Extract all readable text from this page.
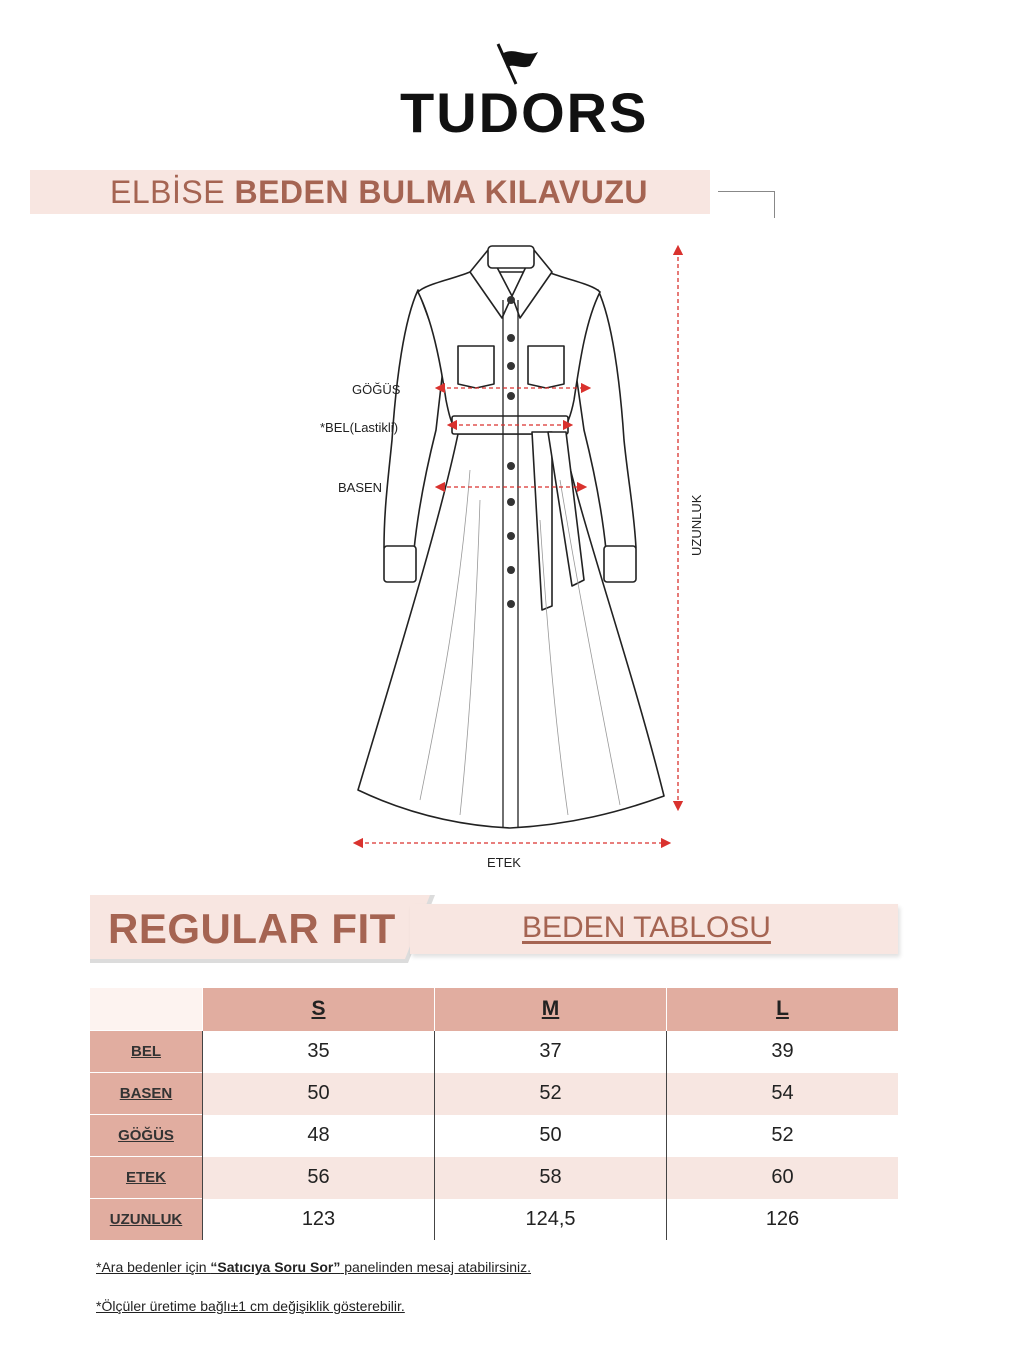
TUDORS
ELBİSE BEDEN BULMA KILAVUZU
GÖĞÜS
*BEL(Lastikli)
BASEN
ETEK
UZUNLUK
REGULAR FIT	BEDEN TABLOSU
	S	M	L
BEL	35	37	39
BASEN	50	52	54
GÖĞÜS	48	50	52
ETEK	56	58	60
UZUNLUK	123	124,5	126
*Ara bedenler için “Satıcıya Soru Sor” panelinden mesaj atabilirsiniz.
*Ölçüler üretime bağlı±1 cm değişiklik gösterebilir.
